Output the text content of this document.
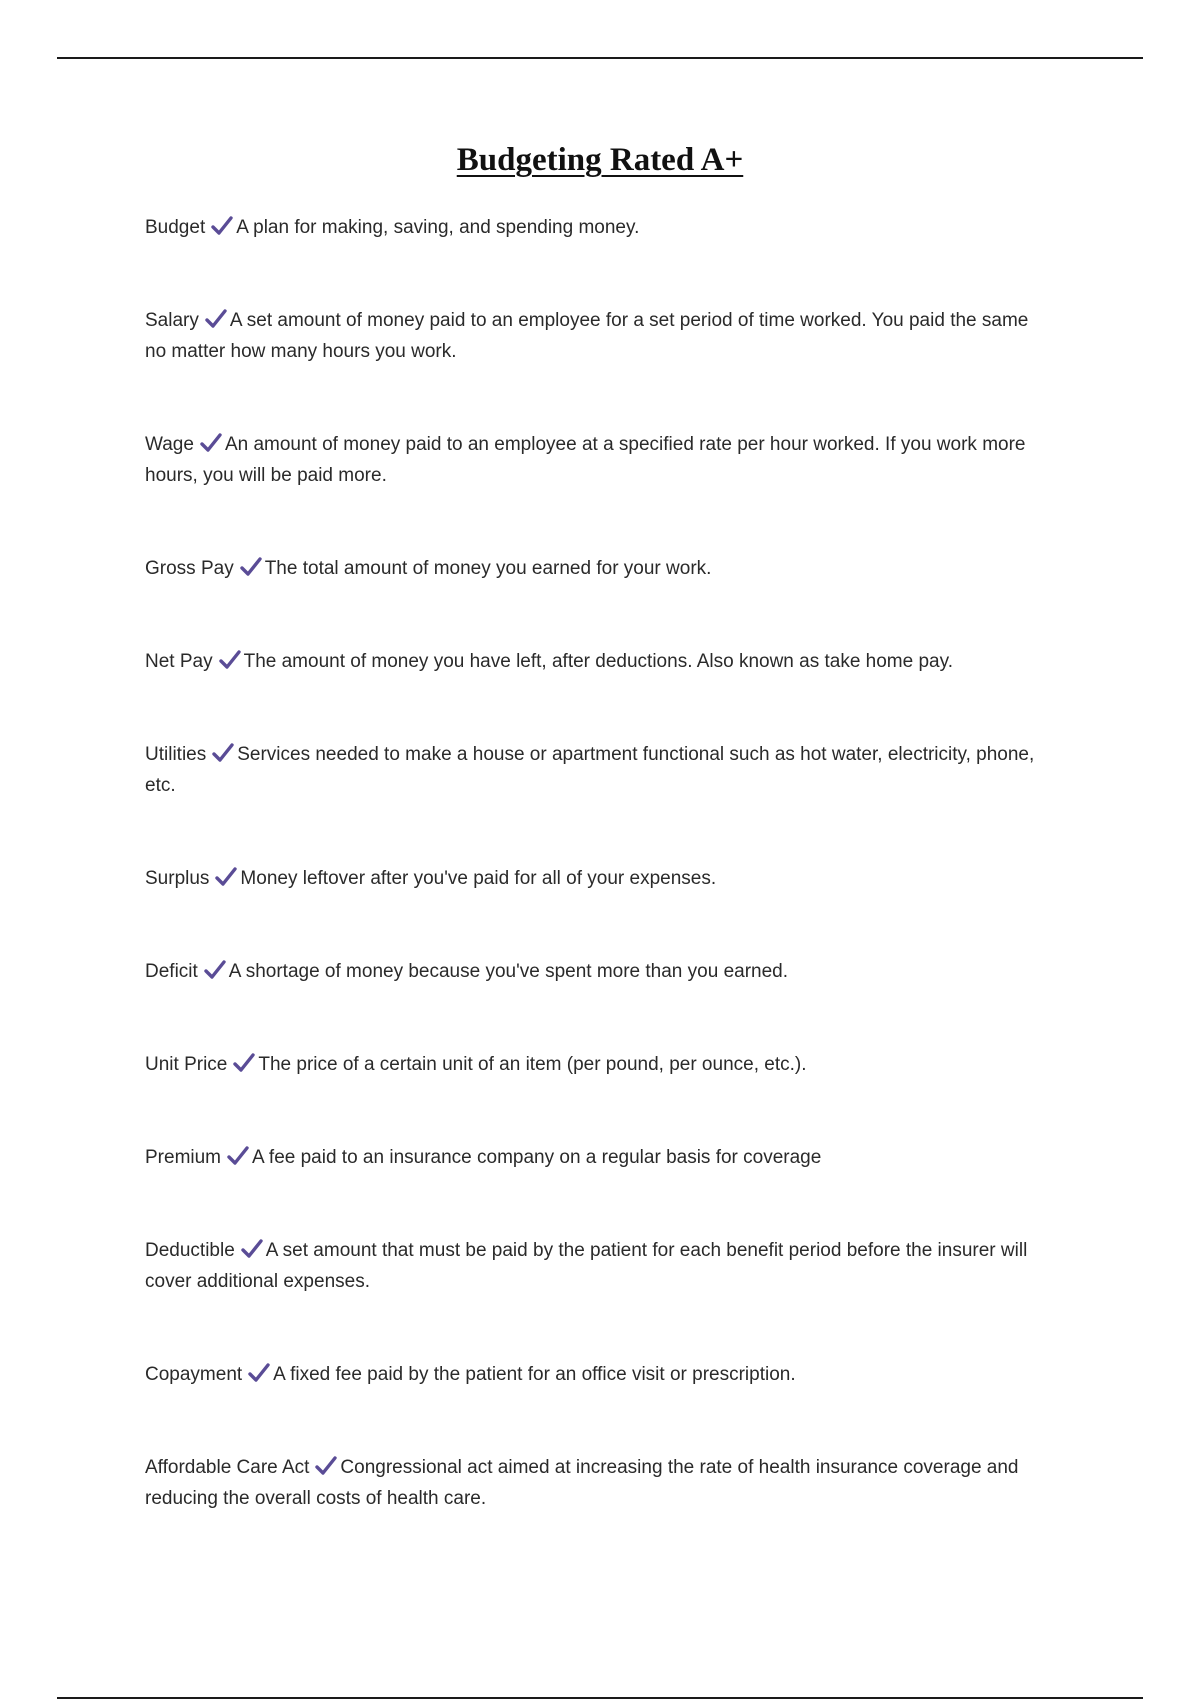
Budgeting Rated A+
Budget A plan for making, saving, and spending money.
Salary A set amount of money paid to an employee for a set period of time worked. You paid the same no matter how many hours you work.
Wage An amount of money paid to an employee at a specified rate per hour worked. If you work more hours, you will be paid more.
Gross Pay The total amount of money you earned for your work.
Net Pay The amount of money you have left, after deductions. Also known as take home pay.
Utilities Services needed to make a house or apartment functional such as hot water, electricity, phone, etc.
Surplus Money leftover after you've paid for all of your expenses.
Deficit A shortage of money because you've spent more than you earned.
Unit Price The price of a certain unit of an item (per pound, per ounce, etc.).
Premium A fee paid to an insurance company on a regular basis for coverage
Deductible A set amount that must be paid by the patient for each benefit period before the insurer will cover additional expenses.
Copayment A fixed fee paid by the patient for an office visit or prescription.
Affordable Care Act Congressional act aimed at increasing the rate of health insurance coverage and reducing the overall costs of health care.
